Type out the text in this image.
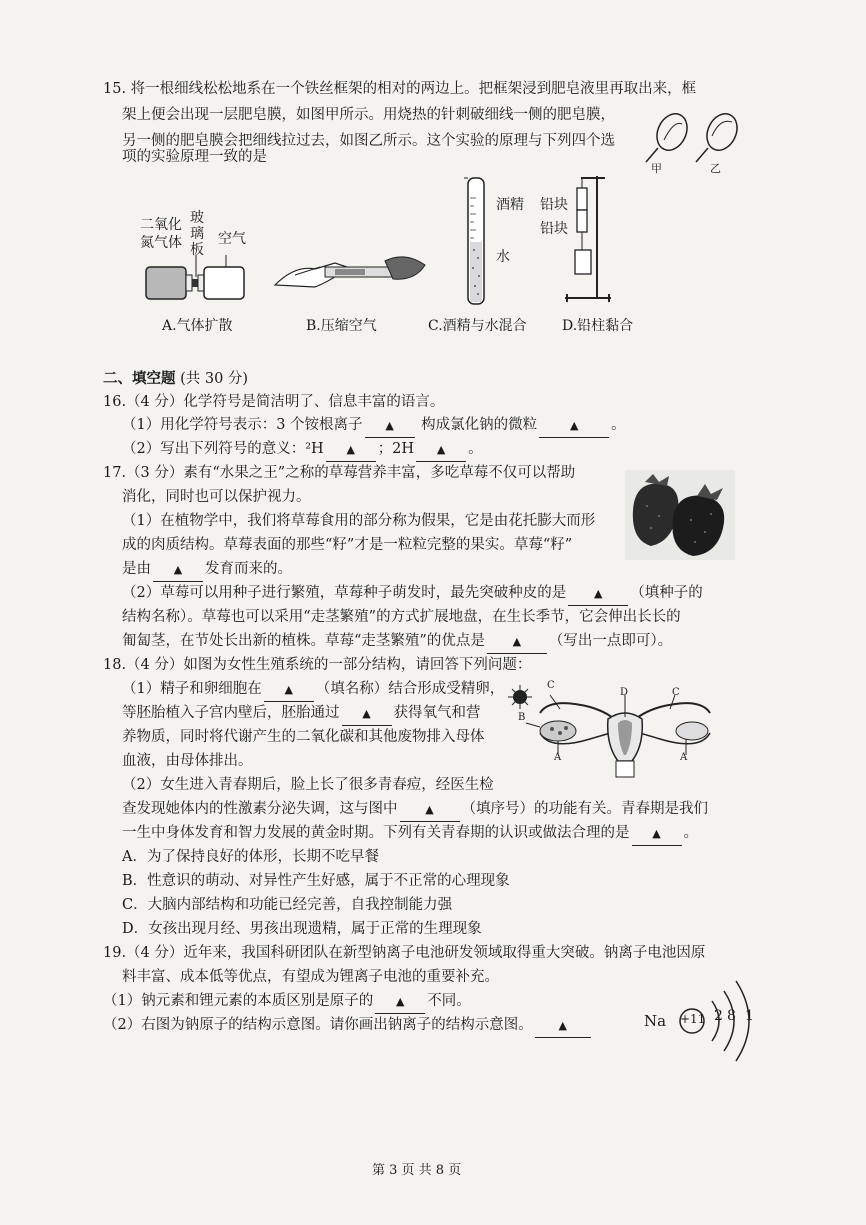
15. 将一根细线松松地系在一个铁丝框架的相对的两边上。把框架浸到肥皂液里再取出来，框
架上便会出现一层肥皂膜，如图甲所示。用烧热的针刺破细线一侧的肥皂膜，
另一侧的肥皂膜会把细线拉过去，如图乙所示。这个实验的原理与下列四个选
项的实验原理一致的是
甲	乙
二氧化
氮气体
玻
璃
板
空气
A.气体扩散	B.压缩空气
酒精
水
C.酒精与水混合
铅块
铅块
D.铅柱黏合
二、填空题 (共 30 分)
16.（4 分）化学符号是简洁明了、信息丰富的语言。
（1）用化学符号表示：3 个铵根离子 ▲ 构成氯化钠的微粒	▲ 。
（2）写出下列符号的意义：²H ▲ ；2H ▲ 。
17.（3 分）素有“水果之王”之称的草莓营养丰富，多吃草莓不仅可以帮助
消化，同时也可以保护视力。
（1）在植物学中，我们将草莓食用的部分称为假果，它是由花托膨大而形
成的肉质结构。草莓表面的那些“籽”才是一粒粒完整的果实。草莓“籽”
是由 ▲ 发育而来的。
（2）草莓可以用种子进行繁殖，草莓种子萌发时，最先突破种皮的是	▲ （填种子的
结构名称）。草莓也可以采用“走茎繁殖”的方式扩展地盘，在生长季节，它会伸出长长的
匍匐茎，在节处长出新的植株。草莓“走茎繁殖”的优点是	▲ （写出一点即可）。
18.（4 分）如图为女性生殖系统的一部分结构，请回答下列问题：
（1）精子和卵细胞在 ▲ （填名称）结合形成受精卵，
等胚胎植入子宫内壁后，胚胎通过 ▲ 获得氧气和营
养物质，同时将代谢产生的二氧化碳和其他废物排入母体
血液，由母体排出。
（2）女生进入青春期后，脸上长了很多青春痘，经医生检
C
D	C
B
A	A
查发现她体内的性激素分泌失调，这与图中	▲ （填序号）的功能有关。青春期是我们
一生中身体发育和智力发展的黄金时期。下列有关青春期的认识或做法合理的是 ▲ 。
A．为了保持良好的体形，长期不吃早餐
B．性意识的萌动、对异性产生好感，属于不正常的心理现象
C．大脑内部结构和功能已经完善，自我控制能力强
D．女孩出现月经、男孩出现遗精，属于正常的生理现象
19.（4 分）近年来，我国科研团队在新型钠离子电池研发领域取得重大突破。钠离子电池因原
料丰富、成本低等优点，有望成为锂离子电池的重要补充。
（1）钠元素和锂元素的本质区别是原子的 ▲ 不同。
（2）右图为钠原子的结构示意图。请你画出钠离子的结构示意图。 ▲	Na +11 2 8 1
第 3 页 共 8 页
